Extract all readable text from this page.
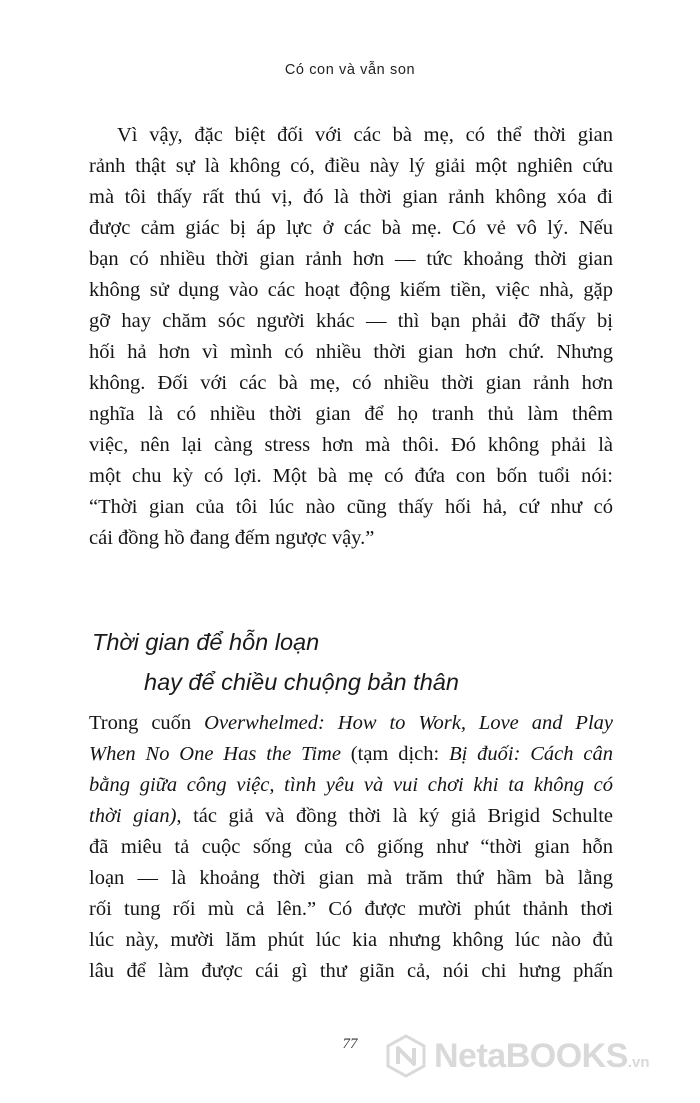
Có con và vẫn son
Vì vậy, đặc biệt đối với các bà mẹ, có thể thời gian
rảnh thật sự là không có, điều này lý giải một nghiên cứu
mà tôi thấy rất thú vị, đó là thời gian rảnh không xóa đi
được cảm giác bị áp lực ở các bà mẹ. Có vẻ vô lý. Nếu
bạn có nhiều thời gian rảnh hơn — tức khoảng thời gian
không sử dụng vào các hoạt động kiếm tiền, việc nhà, gặp
gỡ hay chăm sóc người khác — thì bạn phải đỡ thấy bị
hối hả hơn vì mình có nhiều thời gian hơn chứ. Nhưng
không. Đối với các bà mẹ, có nhiều thời gian rảnh hơn
nghĩa là có nhiều thời gian để họ tranh thủ làm thêm
việc, nên lại càng stress hơn mà thôi. Đó không phải là
một chu kỳ có lợi. Một bà mẹ có đứa con bốn tuổi nói:
“Thời gian của tôi lúc nào cũng thấy hối hả, cứ như có
cái đồng hồ đang đếm ngược vậy.”
Thời gian để hỗn loạn
hay để chiều chuộng bản thân
Trong cuốn Overwhelmed: How to Work, Love and Play
When No One Has the Time (tạm dịch: Bị đuối: Cách cân
bằng giữa công việc, tình yêu và vui chơi khi ta không có
thời gian), tác giả và đồng thời là ký giả Brigid Schulte
đã miêu tả cuộc sống của cô giống như “thời gian hỗn
loạn — là khoảng thời gian mà trăm thứ hầm bà lằng
rối tung rối mù cả lên.” Có được mười phút thảnh thơi
lúc này, mười lăm phút lúc kia nhưng không lúc nào đủ
lâu để làm được cái gì thư giãn cả, nói chi hưng phấn
77	NetaBOOKS.vn
